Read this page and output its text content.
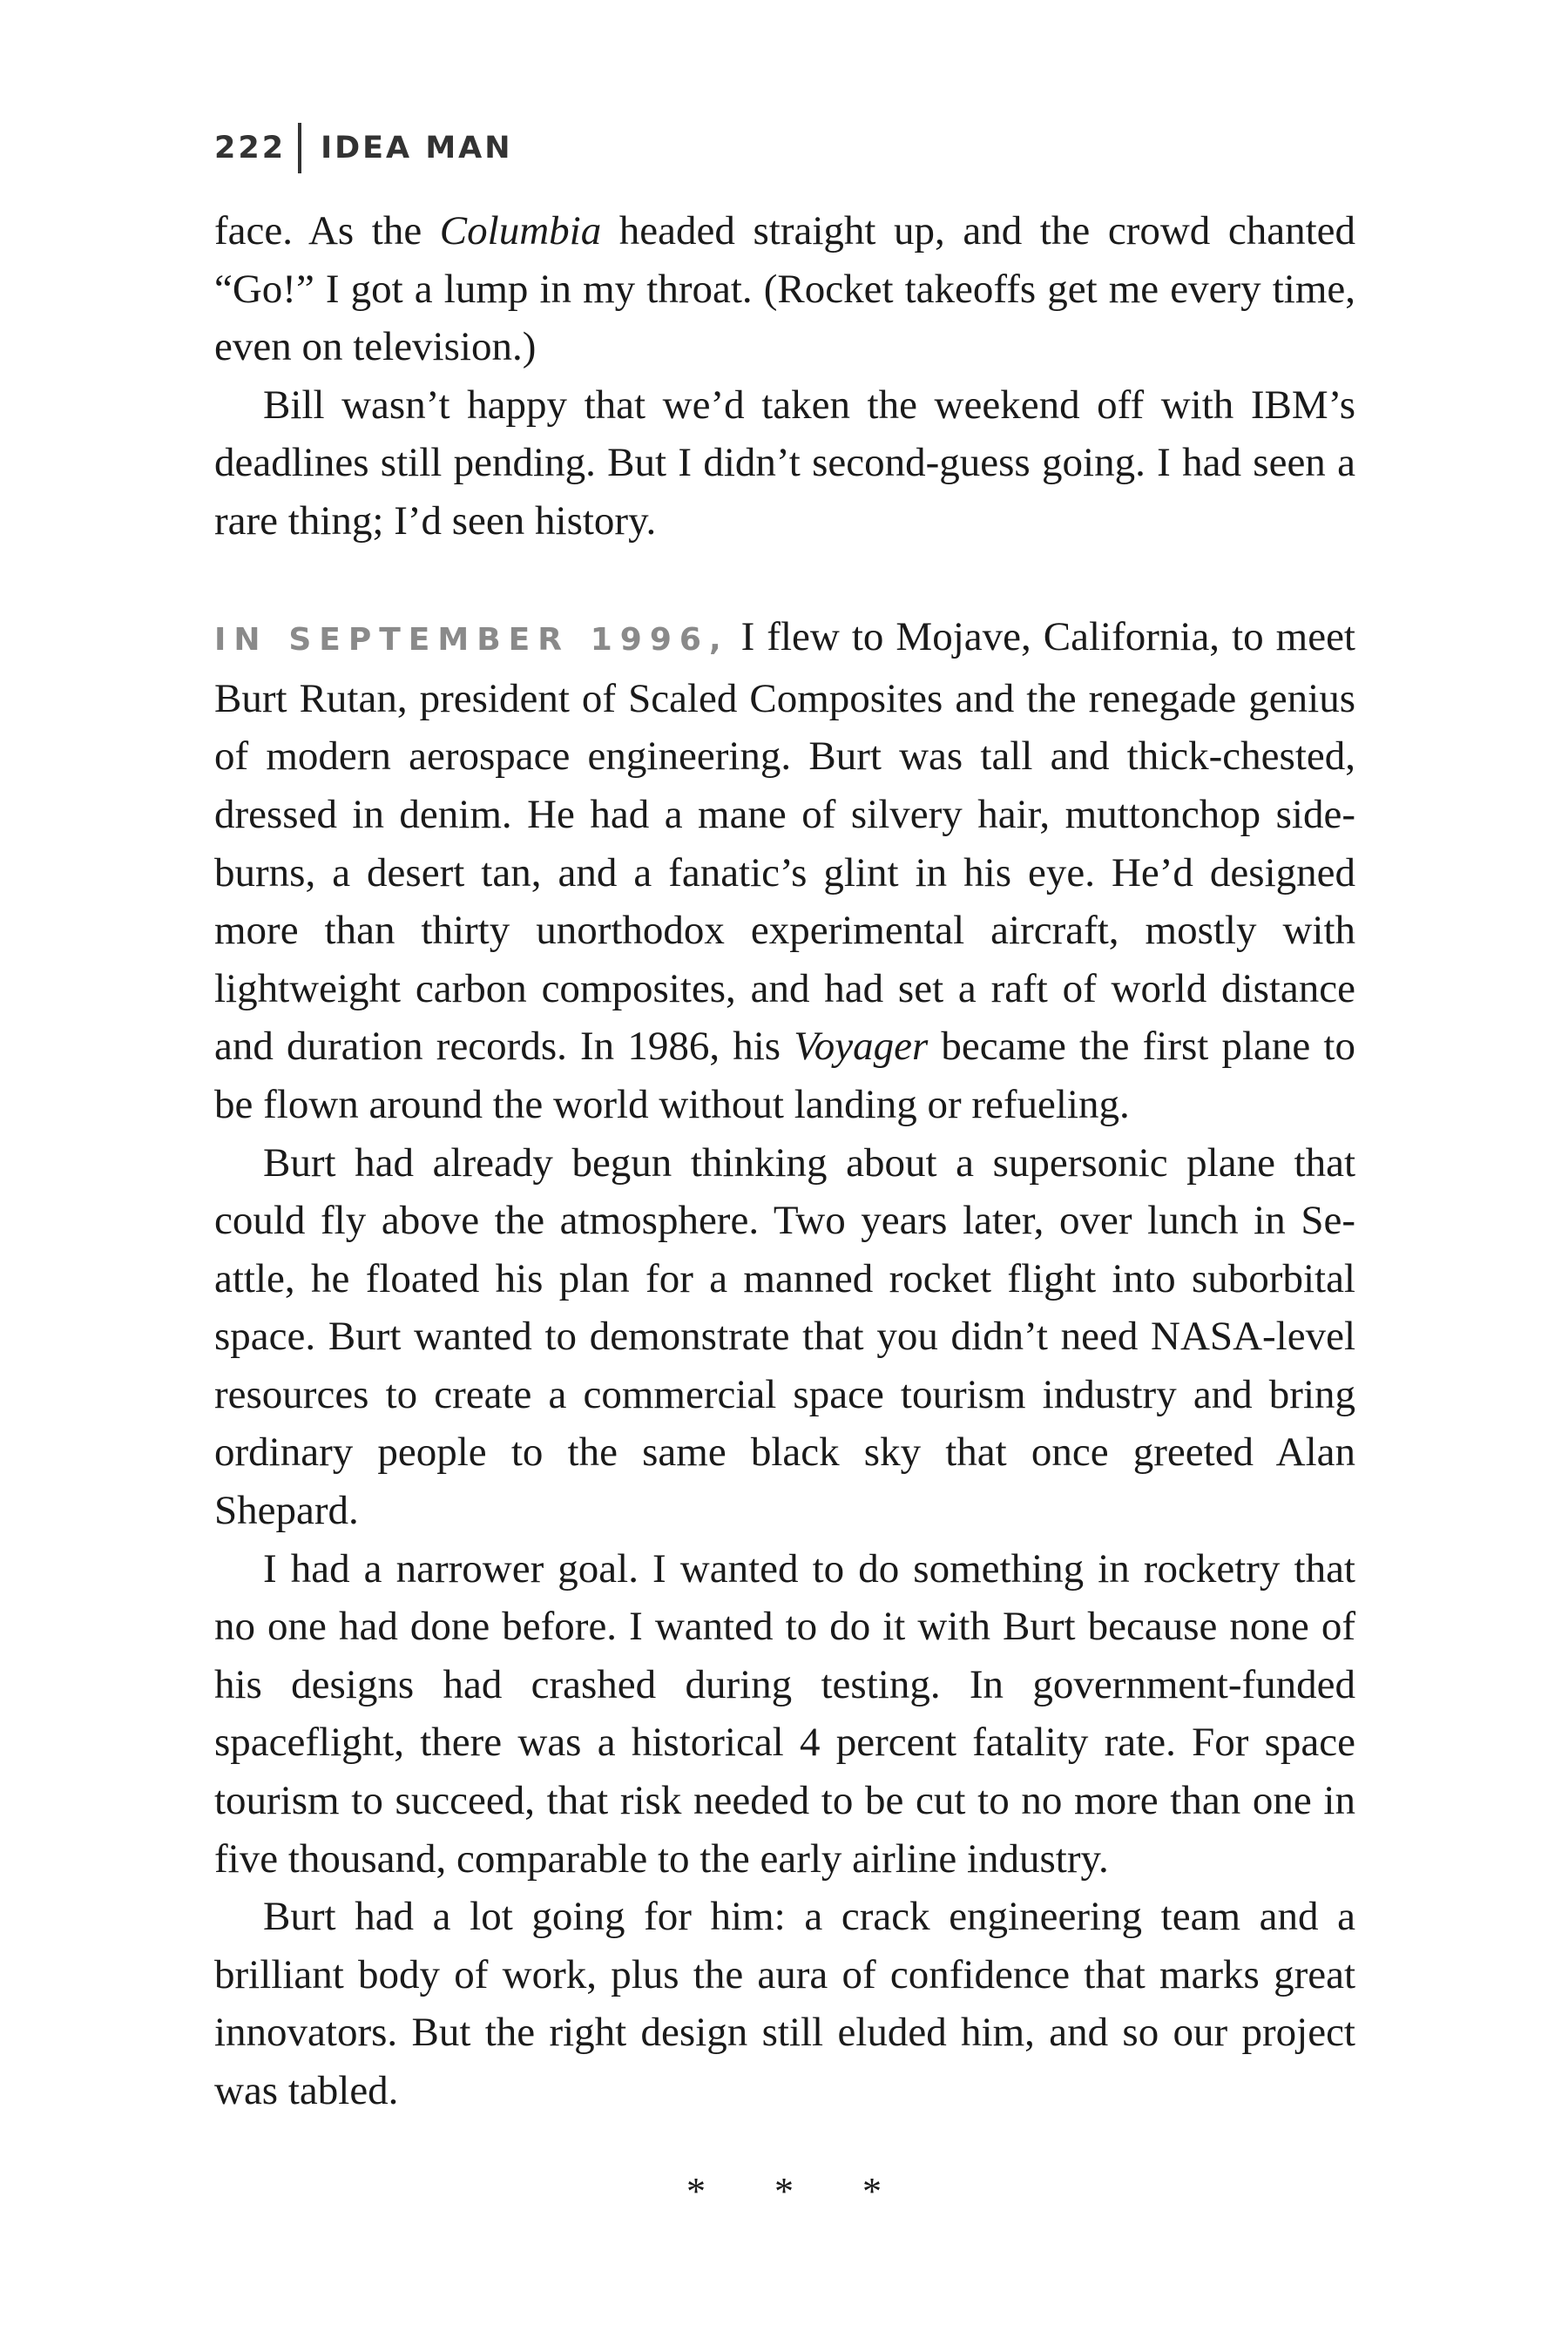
222 IDEA MAN

face. As the Columbia headed straight up, and the crowd chanted “Go!” I got a lump in my throat. (Rocket takeoffs get me every time, even on television.)

Bill wasn’t happy that we’d taken the weekend off with IBM’s deadlines still pending. But I didn’t second-guess going. I had seen a rare thing; I’d seen history.

IN SEPTEMBER 1996, I flew to Mojave, California, to meet Burt Rutan, president of Scaled Composites and the renegade genius of modern aerospace engineering. Burt was tall and thick-chested, dressed in denim. He had a mane of silvery hair, muttonchop sideburns, a desert tan, and a fanatic’s glint in his eye. He’d designed more than thirty unorthodox experimental aircraft, mostly with lightweight carbon composites, and had set a raft of world distance and duration records. In 1986, his Voyager became the first plane to be flown around the world without landing or refueling.

Burt had already begun thinking about a supersonic plane that could fly above the atmosphere. Two years later, over lunch in Seattle, he floated his plan for a manned rocket flight into suborbital space. Burt wanted to demonstrate that you didn’t need NASA-level resources to create a commercial space tourism industry and bring ordinary people to the same black sky that once greeted Alan Shepard.

I had a narrower goal. I wanted to do something in rocketry that no one had done before. I wanted to do it with Burt because none of his designs had crashed during testing. In government-funded spaceflight, there was a historical 4 percent fatality rate. For space tourism to succeed, that risk needed to be cut to no more than one in five thousand, comparable to the early airline industry.

Burt had a lot going for him: a crack engineering team and a brilliant body of work, plus the aura of confidence that marks great innovators. But the right design still eluded him, and so our project was tabled.

* * *
